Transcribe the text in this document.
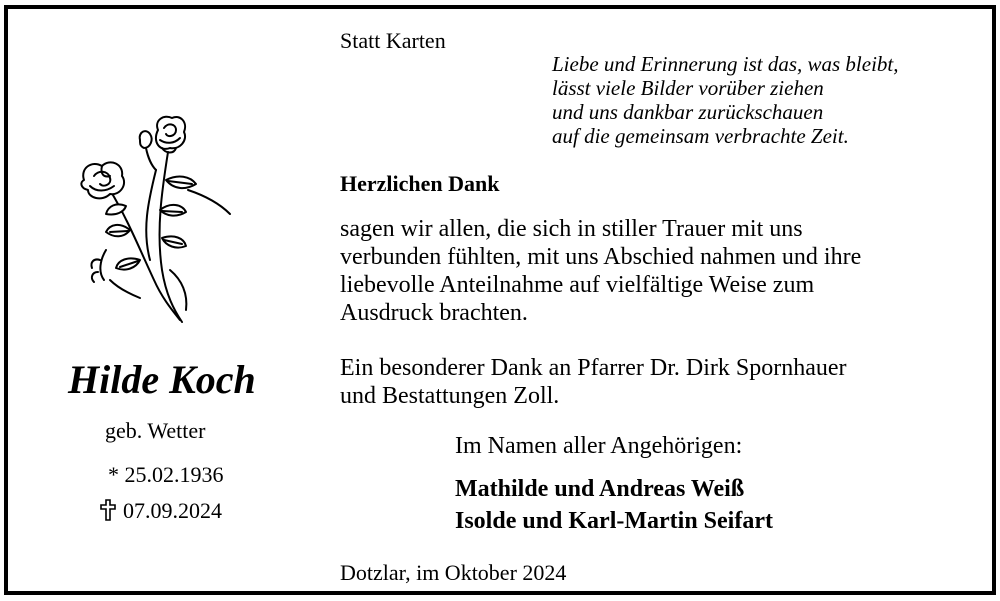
Hilde Koch
geb. Wetter
* 25.02.1936
07.09.2024
Statt Karten
Liebe und Erinnerung ist das, was bleibt,
lässt viele Bilder vorüber ziehen
und uns dankbar zurückschauen
auf die gemeinsam verbrachte Zeit.
Herzlichen Dank
sagen wir allen, die sich in stiller Trauer mit uns
verbunden fühlten, mit uns Abschied nahmen und ihre
liebevolle Anteilnahme auf vielfältige Weise zum
Ausdruck brachten.
Ein besonderer Dank an Pfarrer Dr. Dirk Spornhauer
und Bestattungen Zoll.
Im Namen aller Angehörigen:
Mathilde und Andreas Weiß
Isolde und Karl-Martin Seifart
Dotzlar, im Oktober 2024
